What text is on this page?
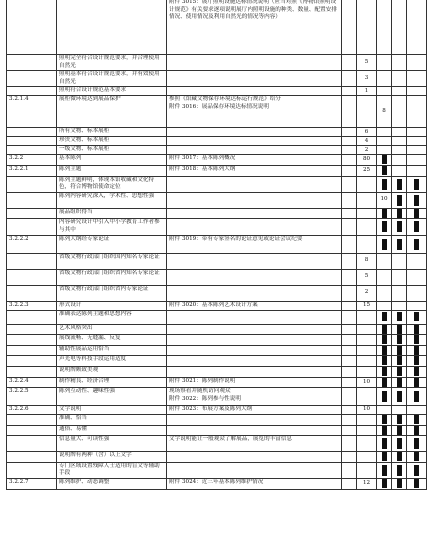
		附件 3015：展厅照明设施达标情况说明（应当对照《博物馆照明设计规范》有关要求逐项说明展厅内照明设施的种类、数量、配置安排情况、使用情况及利用自然光的情况等内容）					
	照明完全符合设计规范要求，并合理使用自然光			5			
	照明基本符合设计规范要求，并有效使用自然光			3			
	照明符合设计规范基本要求			1			
3.2.1.4	展柜微环境达到展品保护	参照《馆藏文物保存环境达标运行规范》给分
附件 3016：展品保存环境达标情况说明			8		
	所有文物、标本展柜			6			
	珍贵文物、标本展柜			4			
	一级文物、标本展柜			2			
3.2.2	基本陈列	附件 3017：基本陈列概况		80			
3.2.2.1	陈列主题	附件 3018：基本陈列大纲		25			
	陈列主题鲜明，体现本馆收藏和文化特色，符合博物馆使命定位						
	陈列内容研究深入，学术性、思想性强				10		
	展品组织得当						
	内容研究设计中引入中小学教育工作者参与其中						
3.2.2.2	陈列大纲经专家论证	附件 3019：带有专家签名的论证意见或论证会议纪要					
	省级文物行政部门组织国内知名专家论证			8			
	省级文物行政部门组织省内知名专家论证			5			
	省级文物行政部门组织省内专家论证			2			
3.2.2.3	形式设计	附件 3020：基本陈列艺术设计方案		15			
	准确表达陈列主题和思想内容						
	艺术风格突出						
	展线流畅、无缝漏、反复						
	辅助性展品运用恰当						
	声光电等科技手段运用适度						
	说明牌颇致美观						
3.2.2.4	制作精良、经济合理	附件 3021：陈列制作说明		10			
3.2.2.5	陈列互动性、趣味性强	现场察看并随机访问观众
附件 3022：陈列参与性说明					
3.2.2.6	文字说明	附件 3023：布展方案及陈列大纲		10			
	准确、恰当						
	通俗、易懂						
	信息量大、可读性强	文字说明能让一般观众了解展品，展览的丰富信息					
	说明牌有两种（含）以上文字						
	专门区域设置残障人士适用的盲文等辅助手段						
3.2.2.7	陈列维护、动态调整	附件 3024：近三年基本陈列维护情况		12			
